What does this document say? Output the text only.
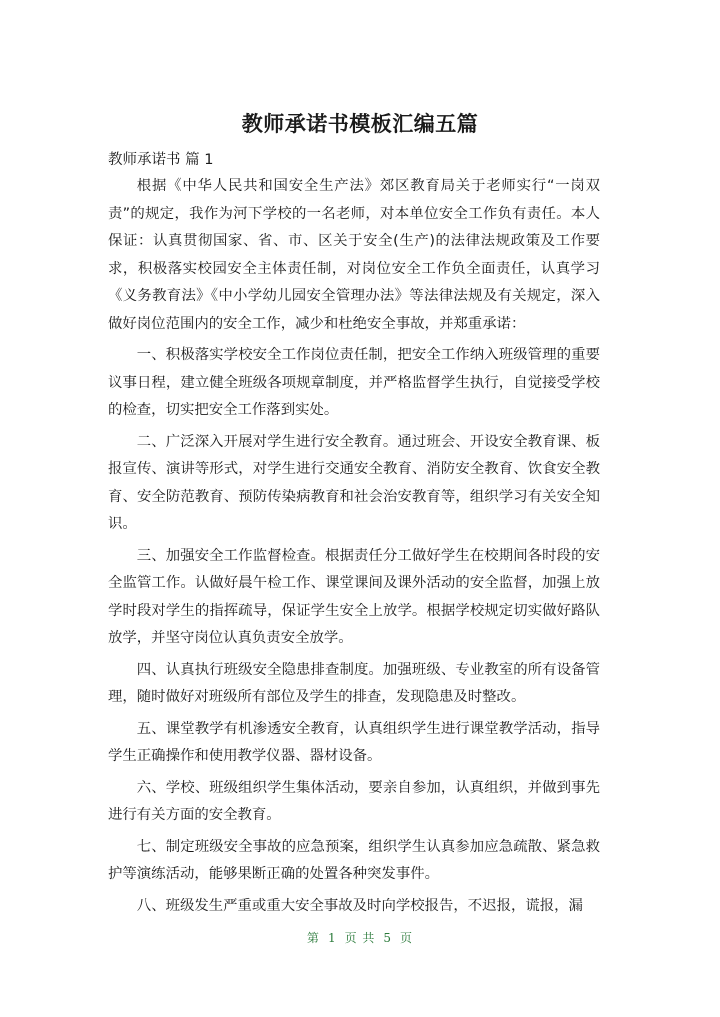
教师承诺书模板汇编五篇
教师承诺书 篇 1

根据《中华人民共和国安全生产法》郊区教育局关于老师实行“一岗双责”的规定，我作为河下学校的一名老师，对本单位安全工作负有责任。本人保证：认真贯彻国家、省、市、区关于安全(生产)的法律法规政策及工作要求，积极落实校园安全主体责任制，对岗位安全工作负全面责任，认真学习《义务教育法》《中小学幼儿园安全管理办法》等法律法规及有关规定，深入做好岗位范围内的安全工作，减少和杜绝安全事故，并郑重承诺：

一、积极落实学校安全工作岗位责任制，把安全工作纳入班级管理的重要议事日程，建立健全班级各项规章制度，并严格监督学生执行，自觉接受学校的检查，切实把安全工作落到实处。

二、广泛深入开展对学生进行安全教育。通过班会、开设安全教育课、板报宣传、演讲等形式，对学生进行交通安全教育、消防安全教育、饮食安全教育、安全防范教育、预防传染病教育和社会治安教育等，组织学习有关安全知识。

三、加强安全工作监督检查。根据责任分工做好学生在校期间各时段的安全监管工作。认做好晨午检工作、课堂课间及课外活动的安全监督，加强上放学时段对学生的指挥疏导，保证学生安全上放学。根据学校规定切实做好路队放学，并坚守岗位认真负责安全放学。

四、认真执行班级安全隐患排查制度。加强班级、专业教室的所有设备管理，随时做好对班级所有部位及学生的排查，发现隐患及时整改。

五、课堂教学有机渗透安全教育，认真组织学生进行课堂教学活动，指导学生正确操作和使用教学仪器、器材设备。

六、学校、班级组织学生集体活动，要亲自参加，认真组织，并做到事先进行有关方面的安全教育。

七、制定班级安全事故的应急预案，组织学生认真参加应急疏散、紧急救护等演练活动，能够果断正确的处置各种突发事件。

八、班级发生严重或重大安全事故及时向学校报告，不迟报，谎报，漏

第 1 页 共 5 页
